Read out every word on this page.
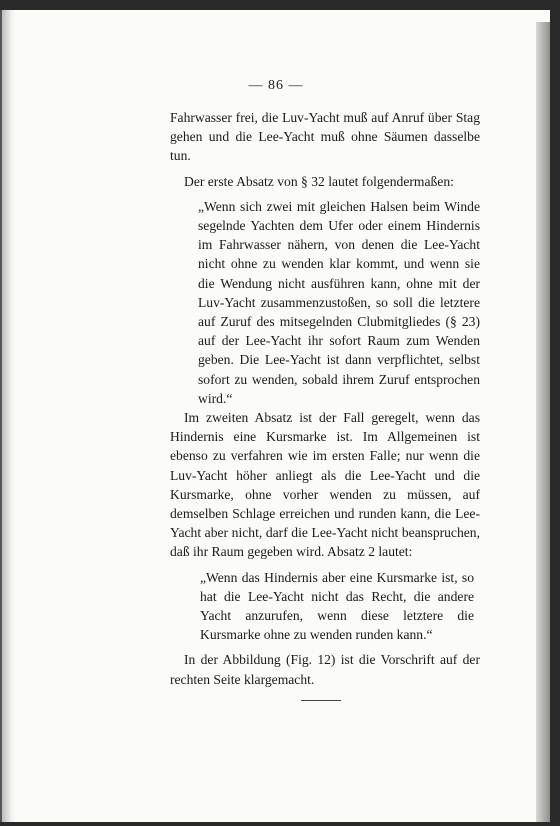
— 86 —

Fahrwasser frei, die Luv-Yacht muß auf Anruf über Stag gehen und die Lee-Yacht muß ohne Säumen dasselbe tun.

Der erste Absatz von § 32 lautet folgendermaßen:

„Wenn sich zwei mit gleichen Halsen beim Winde segelnde Yachten dem Ufer oder einem Hindernis im Fahrwasser nähern, von denen die Lee-Yacht nicht ohne zu wenden klar kommt, und wenn sie die Wendung nicht ausführen kann, ohne mit der Luv-Yacht zusammenzustoßen, so soll die letztere auf Zuruf des mitsegelnden Clubmitgliedes (§ 23) auf der Lee-Yacht ihr sofort Raum zum Wenden geben. Die Lee-Yacht ist dann verpflichtet, selbst sofort zu wenden, sobald ihrem Zuruf entsprochen wird.“

Im zweiten Absatz ist der Fall geregelt, wenn das Hindernis eine Kursmarke ist. Im Allgemeinen ist ebenso zu verfahren wie im ersten Falle; nur wenn die Luv-Yacht höher anliegt als die Lee-Yacht und die Kursmarke, ohne vorher wenden zu müssen, auf demselben Schlage erreichen und runden kann, die Lee-Yacht aber nicht, darf die Lee-Yacht nicht beanspruchen, daß ihr Raum gegeben wird. Absatz 2 lautet:

„Wenn das Hindernis aber eine Kursmarke ist, so hat die Lee-Yacht nicht das Recht, die andere Yacht anzurufen, wenn diese letztere die Kursmarke ohne zu wenden runden kann.“

In der Abbildung (Fig. 12) ist die Vorschrift auf der rechten Seite klargemacht.
